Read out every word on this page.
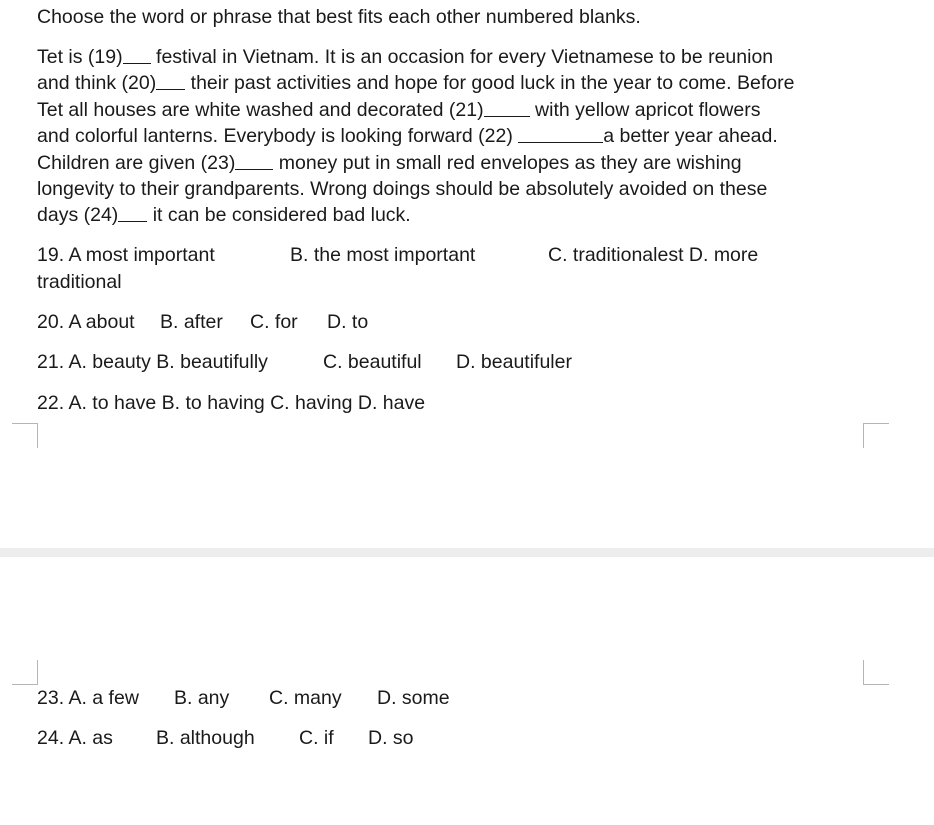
Choose the word or phrase that best fits each other numbered blanks.
Tet is (19) festival in Vietnam. It is an occasion for every Vietnamese to be reunion
and think (20) their past activities and hope for good luck in the year to come. Before
Tet all houses are white washed and decorated (21) with yellow apricot flowers
and colorful lanterns. Everybody is looking forward (22)	a better year ahead.
Children are given (23) money put in small red envelopes as they are wishing
longevity to their grandparents. Wrong doings should be absolutely avoided on these
days (24) it can be considered bad luck.
19. A most important	B. the most important	C. traditionalest D. more
traditional
20. A about B. after C. for D. to
21. A. beauty B. beautifully	C. beautiful D. beautifuler
22. A. to have B. to having C. having D. have
23. A. a few B. any C. many D. some
24. A. as B. although C. if D. so
